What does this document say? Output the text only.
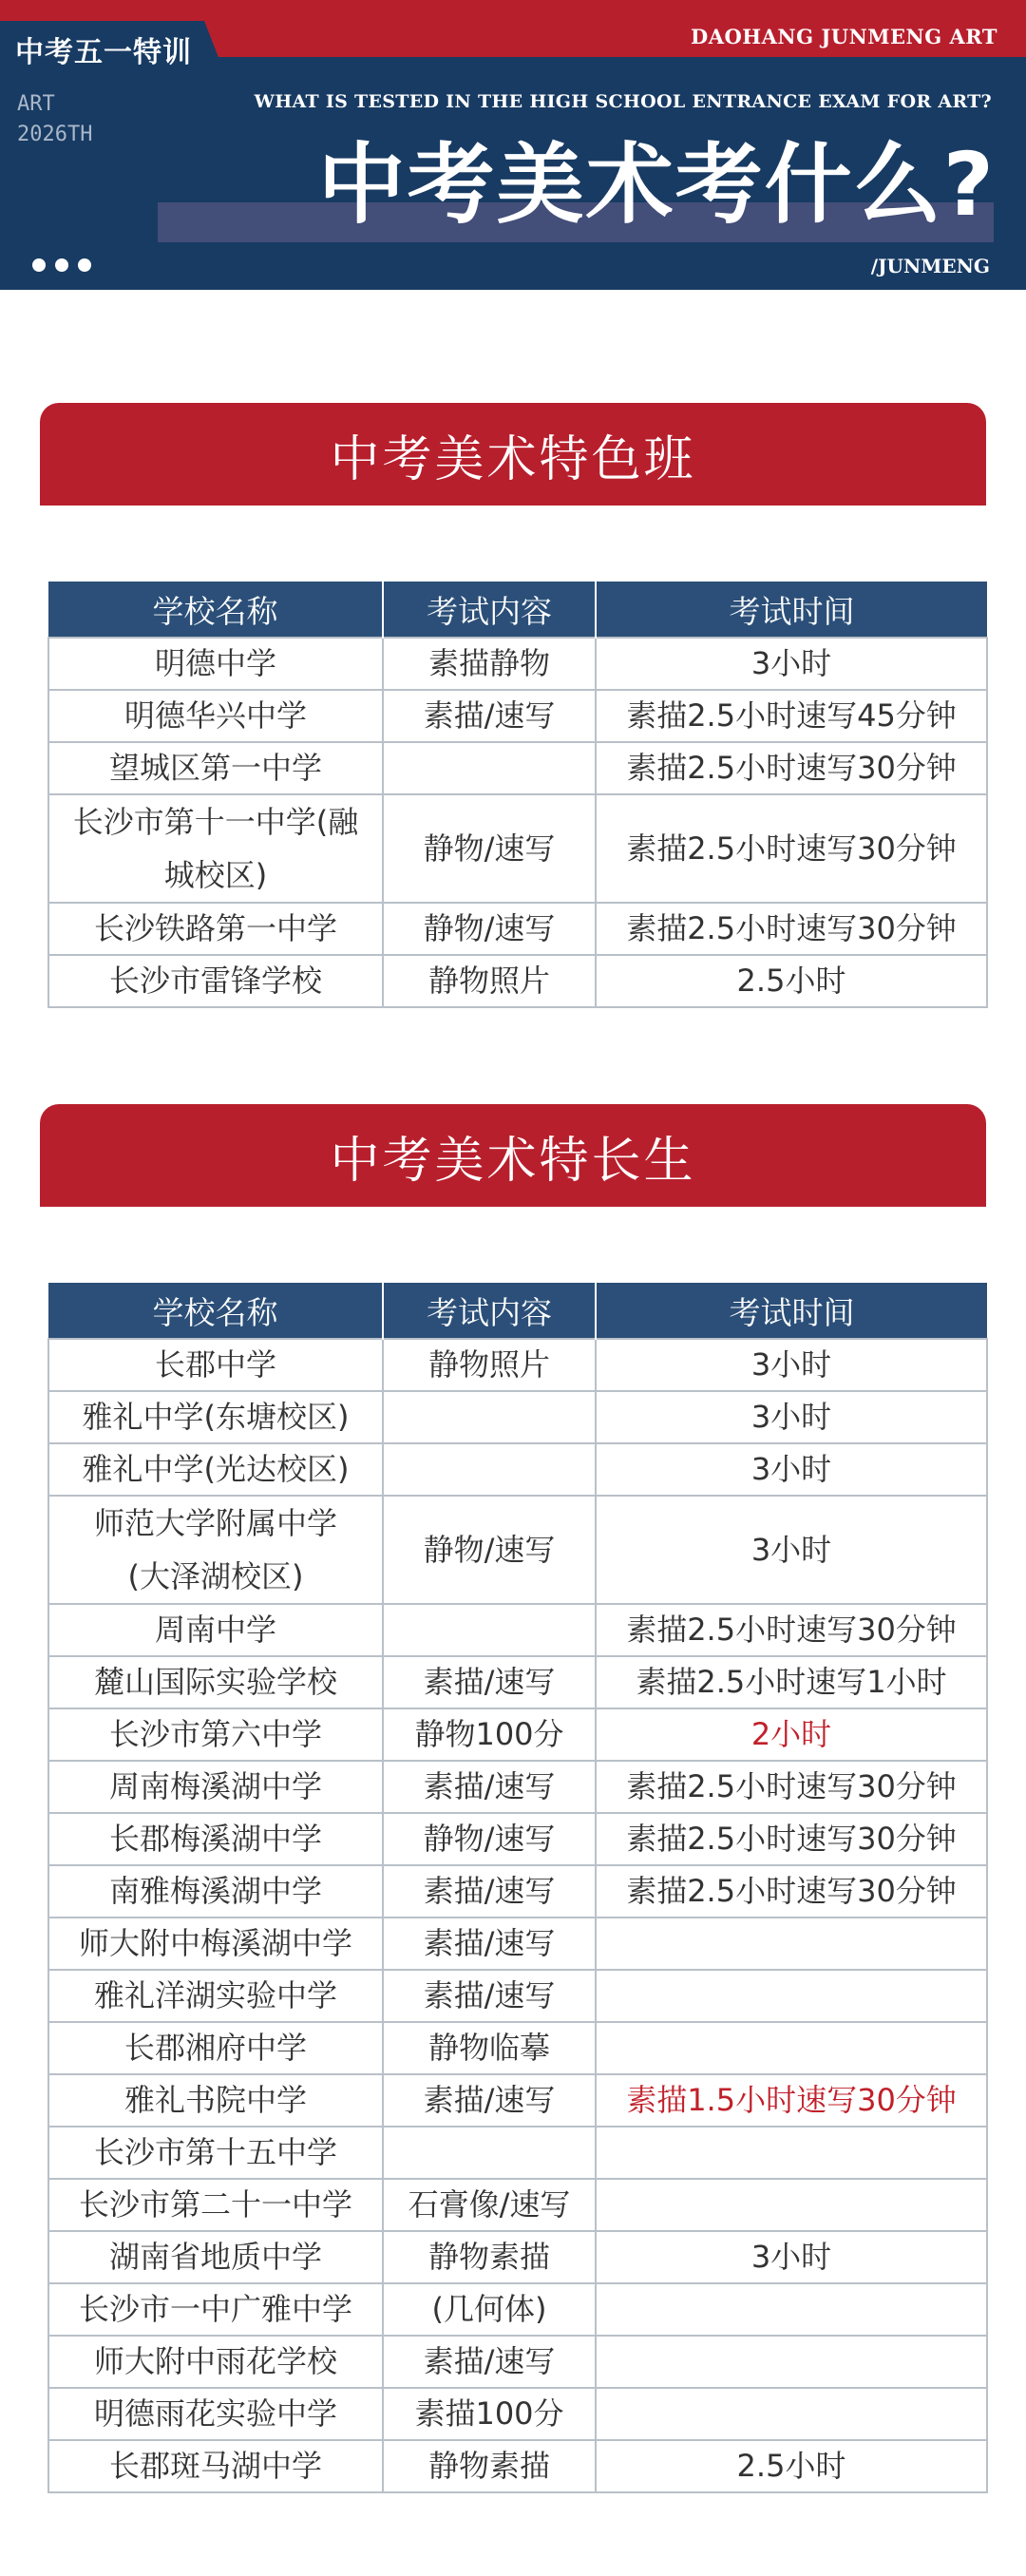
中考五一特训	DAOHANG JUNMENG ART
ART
2026TH
WHAT IS TESTED IN THE HIGH SCHOOL ENTRANCE EXAM FOR ART?
中考美术考什么?
/JUNMENG
中考美术特色班
学校名称	考试内容	考试时间
明德中学	素描静物	3小时
明德华兴中学	素描/速写	素描2.5小时速写45分钟
望城区第一中学		素描2.5小时速写30分钟

长沙市第十一中学(融
城校区)	静物/速写	素描2.5小时速写30分钟
长沙铁路第一中学	静物/速写	素描2.5小时速写30分钟
长沙市雷锋学校	静物照片	2.5小时
中考美术特长生
学校名称	考试内容	考试时间
长郡中学	静物照片	3小时
雅礼中学(东塘校区)		3小时
雅礼中学(光达校区)		3小时

师范大学附属中学
(大泽湖校区)	静物/速写	3小时
周南中学		素描2.5小时速写30分钟
麓山国际实验学校	素描/速写	素描2.5小时速写1小时
长沙市第六中学	静物100分	2小时
周南梅溪湖中学	素描/速写	素描2.5小时速写30分钟
长郡梅溪湖中学	静物/速写	素描2.5小时速写30分钟
南雅梅溪湖中学	素描/速写	素描2.5小时速写30分钟
师大附中梅溪湖中学	素描/速写	
雅礼洋湖实验中学	素描/速写	
长郡湘府中学	静物临摹	
雅礼书院中学	素描/速写	素描1.5小时速写30分钟
长沙市第十五中学		
长沙市第二十一中学	石膏像/速写	
湖南省地质中学	静物素描	3小时
长沙市一中广雅中学	(几何体)	
师大附中雨花学校	素描/速写	
明德雨花实验中学	素描100分	
长郡斑马湖中学	静物素描	2.5小时
